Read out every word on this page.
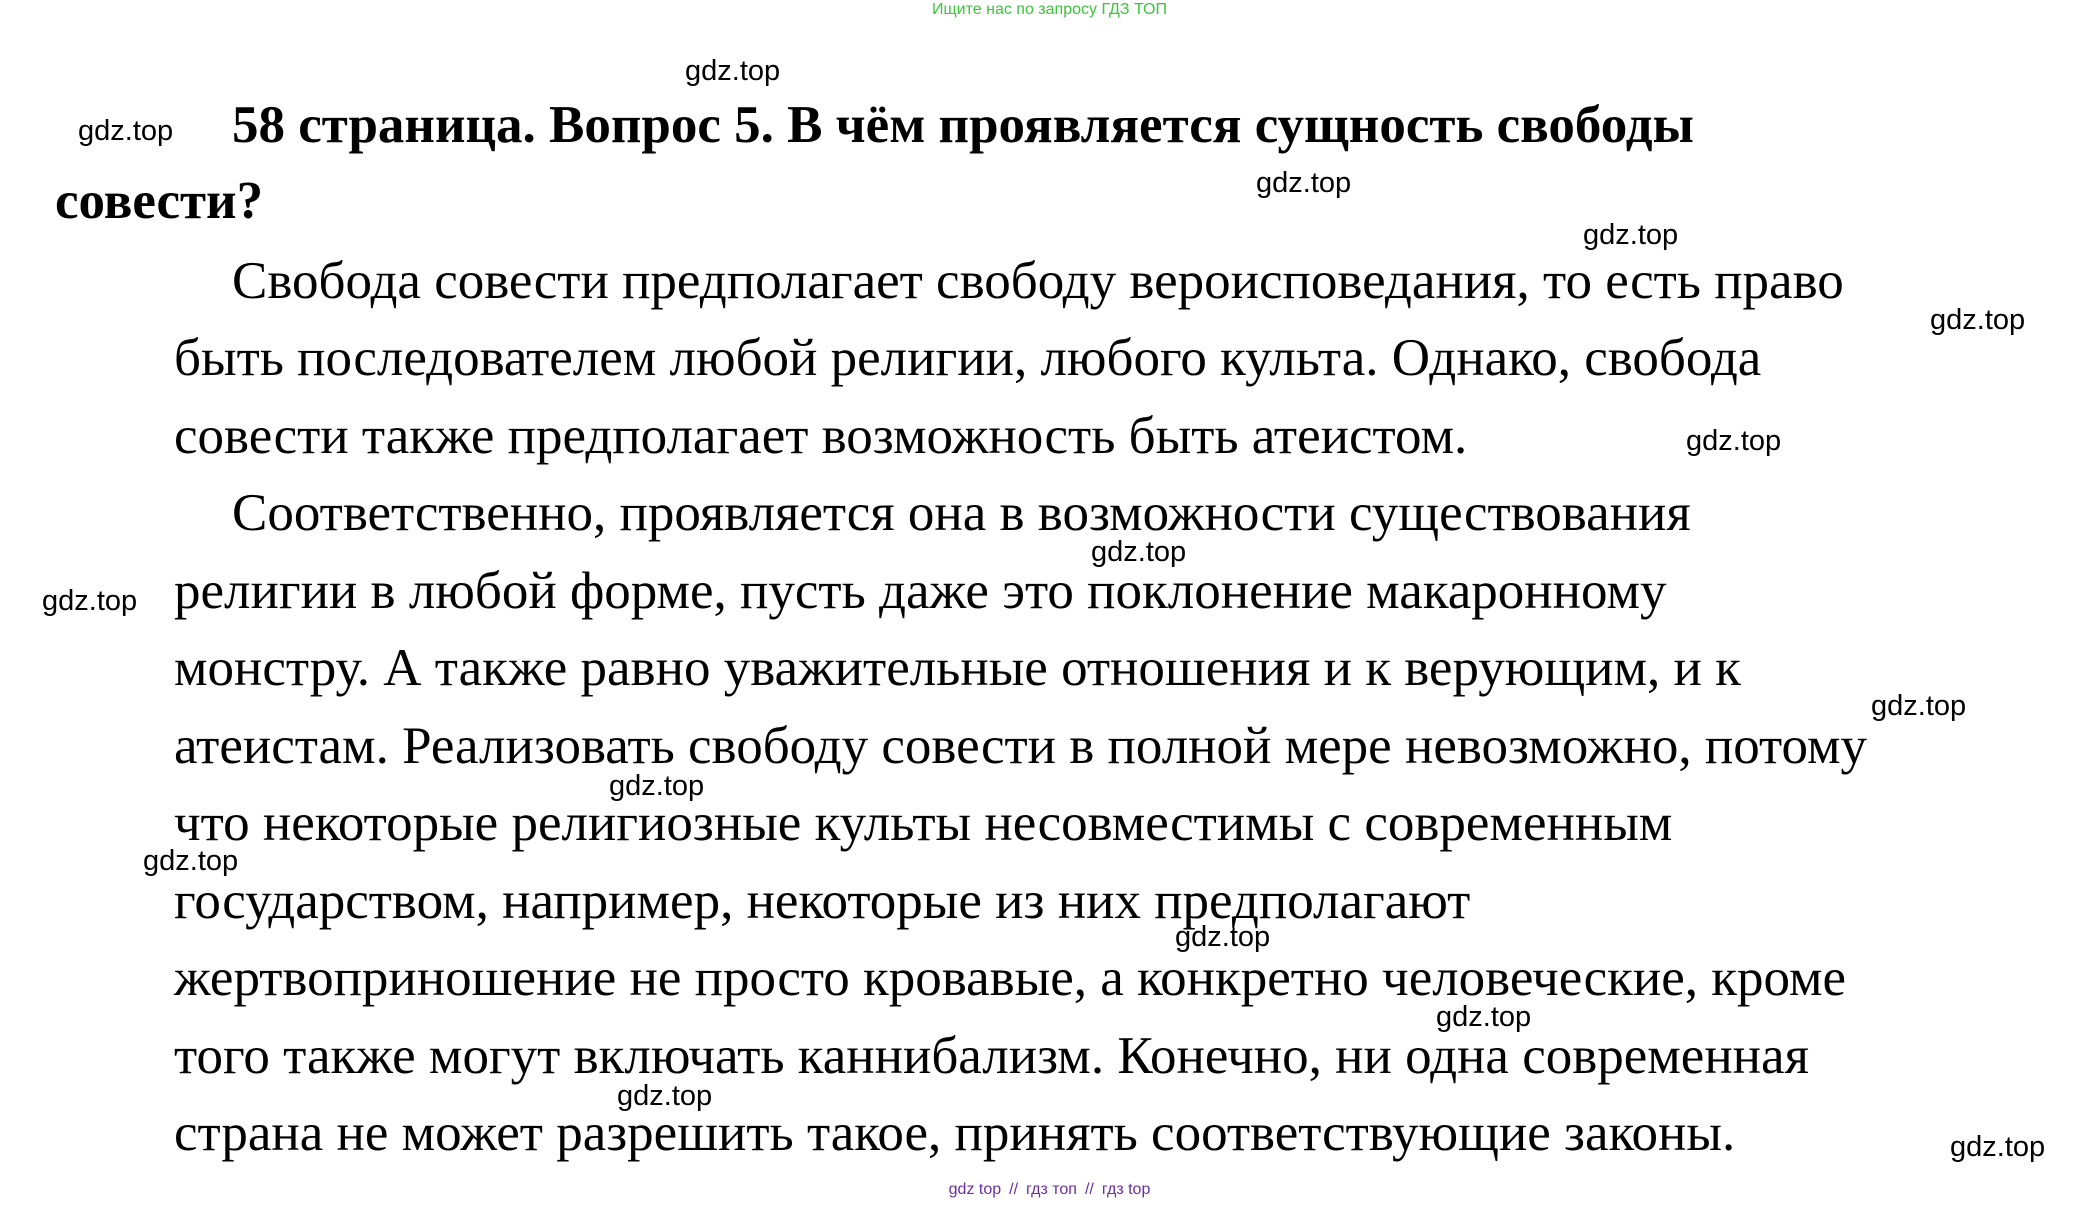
Ищите нас по запросу ГДЗ ТОП
58 страница. Вопрос 5. В чём проявляется сущность свободы
совести?
Свобода совести предполагает свободу вероисповедания, то есть право
быть последователем любой религии, любого культа. Однако, свобода
совести также предполагает возможность быть атеистом.
Соответственно, проявляется она в возможности существования
религии в любой форме, пусть даже это поклонение макаронному
монстру. А также равно уважительные отношения и к верующим, и к
атеистам. Реализовать свободу совести в полной мере невозможно, потому
что некоторые религиозные культы несовместимы с современным
государством, например, некоторые из них предполагают
жертвоприношение не просто кровавые, а конкретно человеческие, кроме
того также могут включать каннибализм. Конечно, ни одна современная
страна не может разрешить такое, принять соответствующие законы.
gdz.top
gdz.top
gdz.top
gdz.top
gdz.top
gdz.top
gdz.top
gdz.top
gdz.top
gdz.top
gdz.top
gdz.top
gdz.top
gdz.top
gdz.top
gdz top // гдз топ // гдз top
